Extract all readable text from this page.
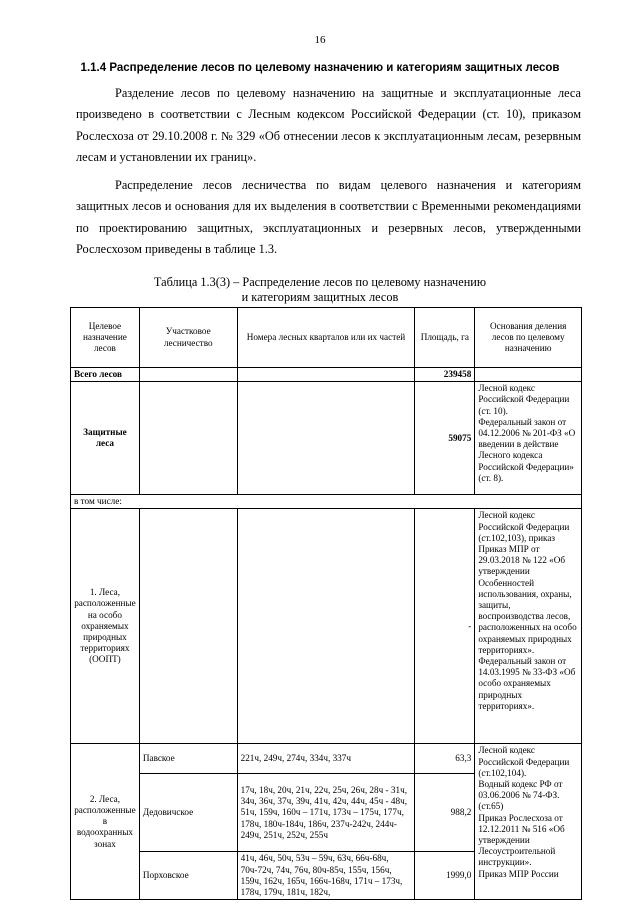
16
1.1.4 Распределение лесов по целевому назначению и категориям защитных лесов

Разделение лесов по целевому назначению на защитные и эксплуатационные леса произведено в соответствии с Лесным кодексом Российской Федерации (ст. 10), приказом Рослесхоза от 29.10.2008 г. № 329 «Об отнесении лесов к эксплуатационным лесам, резервным лесам и установлении их границ».

Распределение лесов лесничества по видам целевого назначения и категориям защитных лесов и основания для их выделения в соответствии с Временными рекомендациями по проектированию защитных, эксплуатационных и резервных лесов, утвержденными Рослесхозом приведены в таблице 1.3.

Таблица 1.3(3) – Распределение лесов по целевому назначению
и категориям защитных лесов
Целевое назначение лесов	Участковое лесничество	Номера лесных кварталов или их частей	Площадь, га	Основания деления лесов по целевому назначению
Всего лесов			239458	
Защитные леса			59075	Лесной кодекс Российской Федерации (ст. 10).
Федеральный закон от 04.12.2006 № 201-ФЗ «О введении в действие Лесного кодекса Российской Федерации» (ст. 8).

в том числе:				
1. Леса, расположенные на особо охраняемых природных территориях (ООПТ)			-	Лесной кодекс Российской Федерации (ст.102,103), приказ Приказ МПР от 29.03.2018 № 122 «Об утверждении Особенностей использования, охраны, защиты, воспроизводства лесов, расположенных на особо охраняемых природных территориях».
Федеральный закон от 14.03.1995 № 33-ФЗ «Об особо охраняемых природных территориях».

2. Леса, расположенные в водоохранных зонах	Павское	221ч, 249ч, 274ч, 334ч, 337ч	63,3	Лесной кодекс Российской Федерации (ст.102,104).
Водный кодекс РФ от 03.06.2006 № 74-ФЗ. (ст.65)
Приказ Рослесхоза от 12.12.2011 № 516 «Об утверждении Лесоустроительной инструкции».
Приказ МПР России

	Дедовичское	17ч, 18ч, 20ч, 21ч, 22ч, 25ч, 26ч, 28ч - 31ч, 34ч, 36ч, 37ч, 39ч, 41ч, 42ч, 44ч, 45ч - 48ч, 51ч, 159ч, 160ч – 171ч, 173ч – 175ч, 177ч, 178ч, 180ч-184ч, 186ч, 237ч-242ч, 244ч- 249ч, 251ч, 252ч, 255ч	988,2	
	Порховское	41ч, 46ч, 50ч, 53ч – 59ч, 63ч, 66ч-68ч, 70ч-72ч, 74ч, 76ч, 80ч-85ч, 155ч, 156ч, 159ч, 162ч, 165ч, 166ч-168ч, 171ч – 173ч, 178ч, 179ч, 181ч, 182ч,	1999,0	
